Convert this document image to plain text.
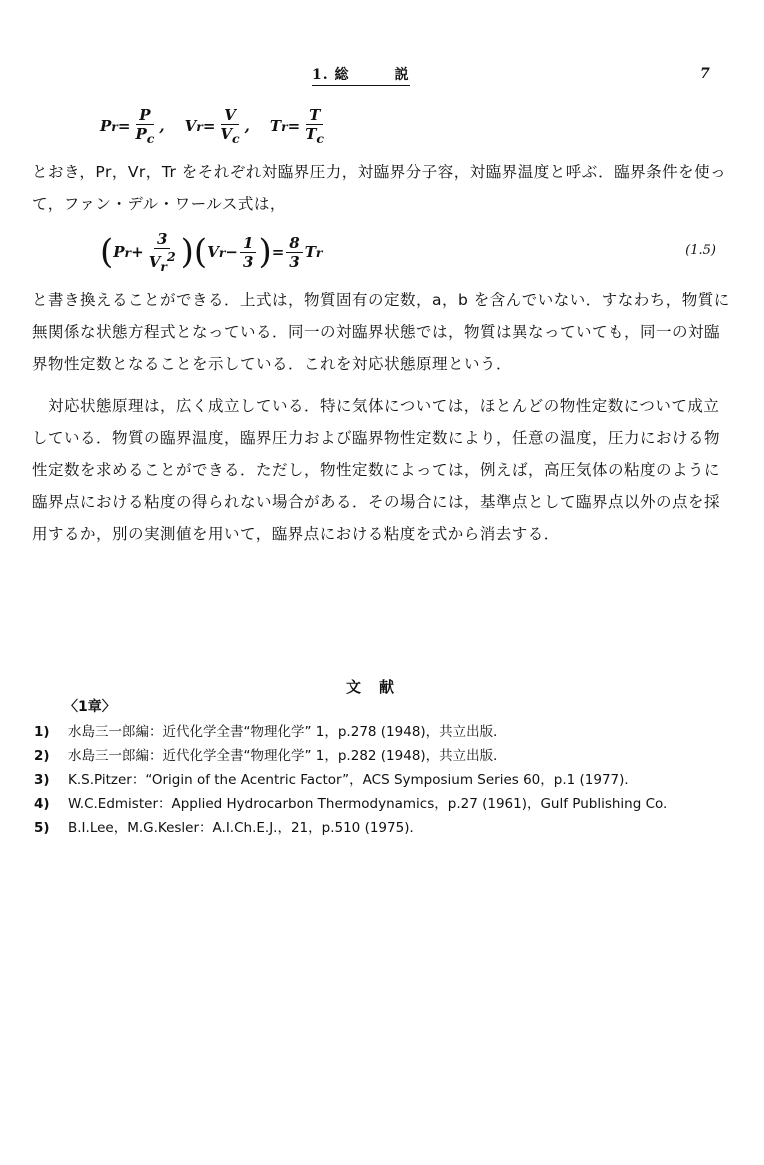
1. 総　　　説	7
P $r = \frac{P}{P_c}$ , V $r = \frac{V}{V_c}$ , T $r = \frac{T}{T_c}$

とおき，Pr，Vr，Tr をそれぞれ対臨界圧力，対臨界分子容，対臨界温度と呼ぶ．臨界条件を使って，ファン・デル・ワールス式は，

( P $r + \frac{3}{V_r^2}$ ) ( V $r - \frac{1}{3}$ ) = $\frac{8}{3}$ T r	(1.5)

と書き換えることができる．上式は，物質固有の定数，a，b を含んでいない．すなわち，物質に無関係な状態方程式となっている．同一の対臨界状態では，物質は異なっていても，同一の対臨界物性定数となることを示している．これを対応状態原理という．

対応状態原理は，広く成立している．特に気体については，ほとんどの物性定数について成立している．物質の臨界温度，臨界圧力および臨界物性定数により，任意の温度，圧力における物性定数を求めることができる．ただし，物性定数によっては，例えば，高圧気体の粘度のように臨界点における粘度の得られない場合がある．その場合には，基準点として臨界点以外の点を採用するか，別の実測値を用いて，臨界点における粘度を式から消去する．

文献
〈1章〉
1)	水島三一郎編：近代化学全書“物理化学” 1，p.278 (1948)，共立出版．
2)	水島三一郎編：近代化学全書“物理化学” 1，p.282 (1948)，共立出版．
3)	K.S.Pitzer：“Origin of the Acentric Factor”，ACS Symposium Series 60，p.1 (1977)．
4)	W.C.Edmister：Applied Hydrocarbon Thermodynamics，p.27 (1961)，Gulf Publishing Co.
5)	B.I.Lee，M.G.Kesler：A.I.Ch.E.J.，21，p.510 (1975)．
